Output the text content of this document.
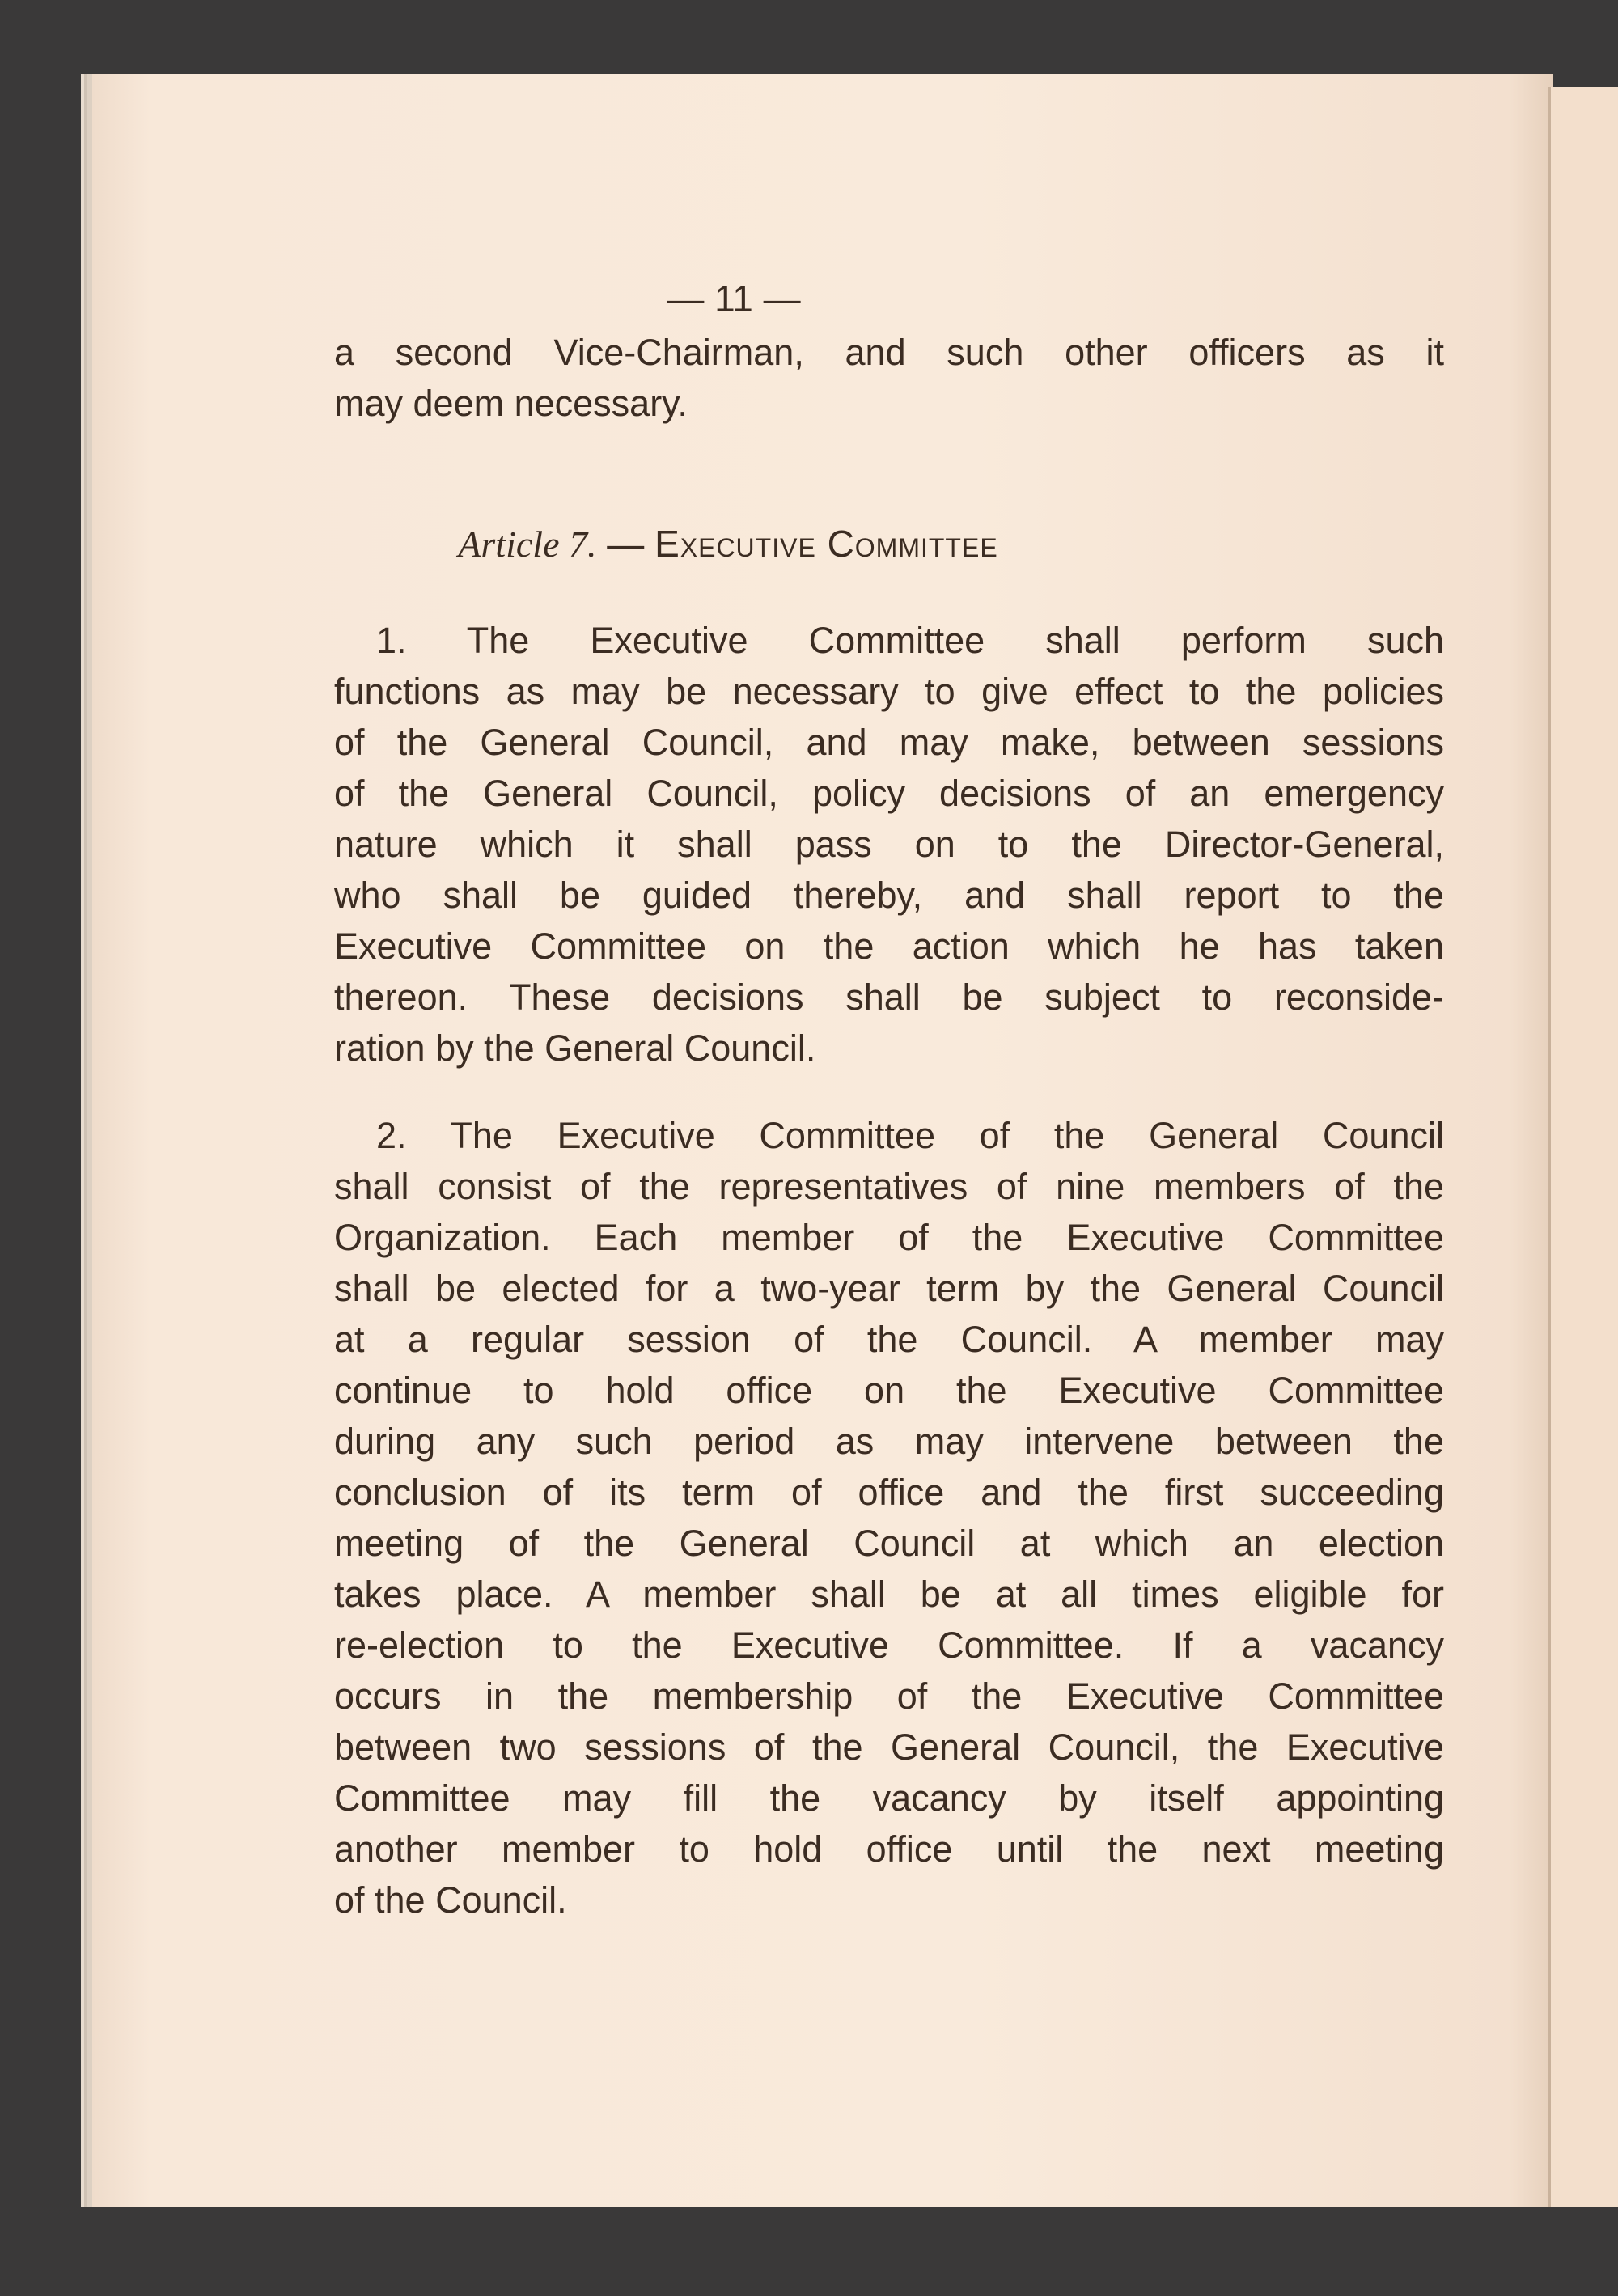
— 11 —
a second Vice-Chairman, and such other officers as it
may deem necessary.
Article 7. — Executive Committee
1. The Executive Committee shall perform such
functions as may be necessary to give effect to the policies
of the General Council, and may make, between sessions
of the General Council, policy decisions of an emergency
nature which it shall pass on to the Director-General,
who shall be guided thereby, and shall report to the
Executive Committee on the action which he has taken
thereon. These decisions shall be subject to reconside-
ration by the General Council.
2. The Executive Committee of the General Council
shall consist of the representatives of nine members of the
Organization. Each member of the Executive Committee
shall be elected for a two-year term by the General Council
at a regular session of the Council. A member may
continue to hold office on the Executive Committee
during any such period as may intervene between the
conclusion of its term of office and the first succeeding
meeting of the General Council at which an election
takes place. A member shall be at all times eligible for
re-election to the Executive Committee. If a vacancy
occurs in the membership of the Executive Committee
between two sessions of the General Council, the Executive
Committee may fill the vacancy by itself appointing
another member to hold office until the next meeting
of the Council.
